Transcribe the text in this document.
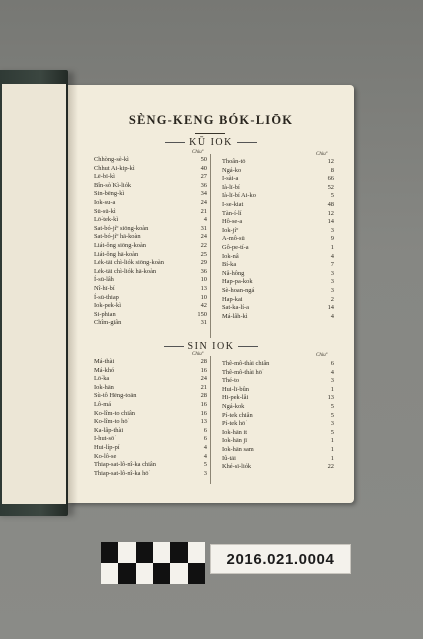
SÈNG-KENG BÓK-LIŌK
KŪ IOK
Chiuº	Chiuº
Chhòng-sè-kì	50
Chhut Ai-kip-kì	40
Lē-bī-kì	27
Bîn-sò͘ Kì-liók	36
Sin-bēng-kì	34
Iok-su-a	24
Sū-sū-kì	21
Lō͘-tek-kì	4
Sat-bó-jíº siōng-koàn	31
Sat-bó-jíº hā-koàn	24
Liát-ông siōng-koàn	22
Liát-ông hā-koàn	25
Lėk-tāi chì-liók siōng-koàn	29
Lėk-tāi chì-liók hā-koàn	36
Í-sū-lâh	10
Nî-hī-bí	13
Í-sū-thiap	10
Iok-pek-kì	42
Si-phian	150
Chîm-giân	31
Thoân-tō	12
Ngá-ko	8
I-sài-a	66
Ià-lī-bí	52
Ià-lī-bí Ai-ko	5
I-se-kiat	48
Tàn-í-lí	12
Hô-se-a	14
Iok-jíº	3
A-mô-sū	9
Gô-pe-tí-a	1
Iok-nâ	4
Bí-ka	7
Nâ-hông	3
Hap-pa-kok	3
Sè-hoan-ngá	3
Hap-kai	2
Sat-ka-lí-a	14
Má-lâh-kì	4
SIN IOK
Chiuº	Chiuº
Má-thài	28
Má-khó	16
Lō͘-ka	24
Iok-hān	21
Sù-tô Hēng-toān	28
Lô-má	16
Ko-lîm-to chiân	16
Ko-lîm-to hō͘	13
Ka-lâp-thài	6
I-hut-sō͘	6
Hui-líp-pí	4
Ko-lô-se	4
Thiap-sat-lô-nî-ka chiân	5
Thiap-sat-lô-nî-ka hō͘	3
Thê-mô-thài chiân	6
Thê-mô-thài hō͘	4
Thé-to	3
Hui-lī-bûn	1
Hi-pek-lâi	13
Ngá-kok	5
Pí-tek chiân	5
Pí-tek hō͘	3
Iok-hān it	5
Iok-hān jī	1
Iok-hān sam	1
Iû-tāi	1
Khé-sī-liók	22
2016.021.0004
